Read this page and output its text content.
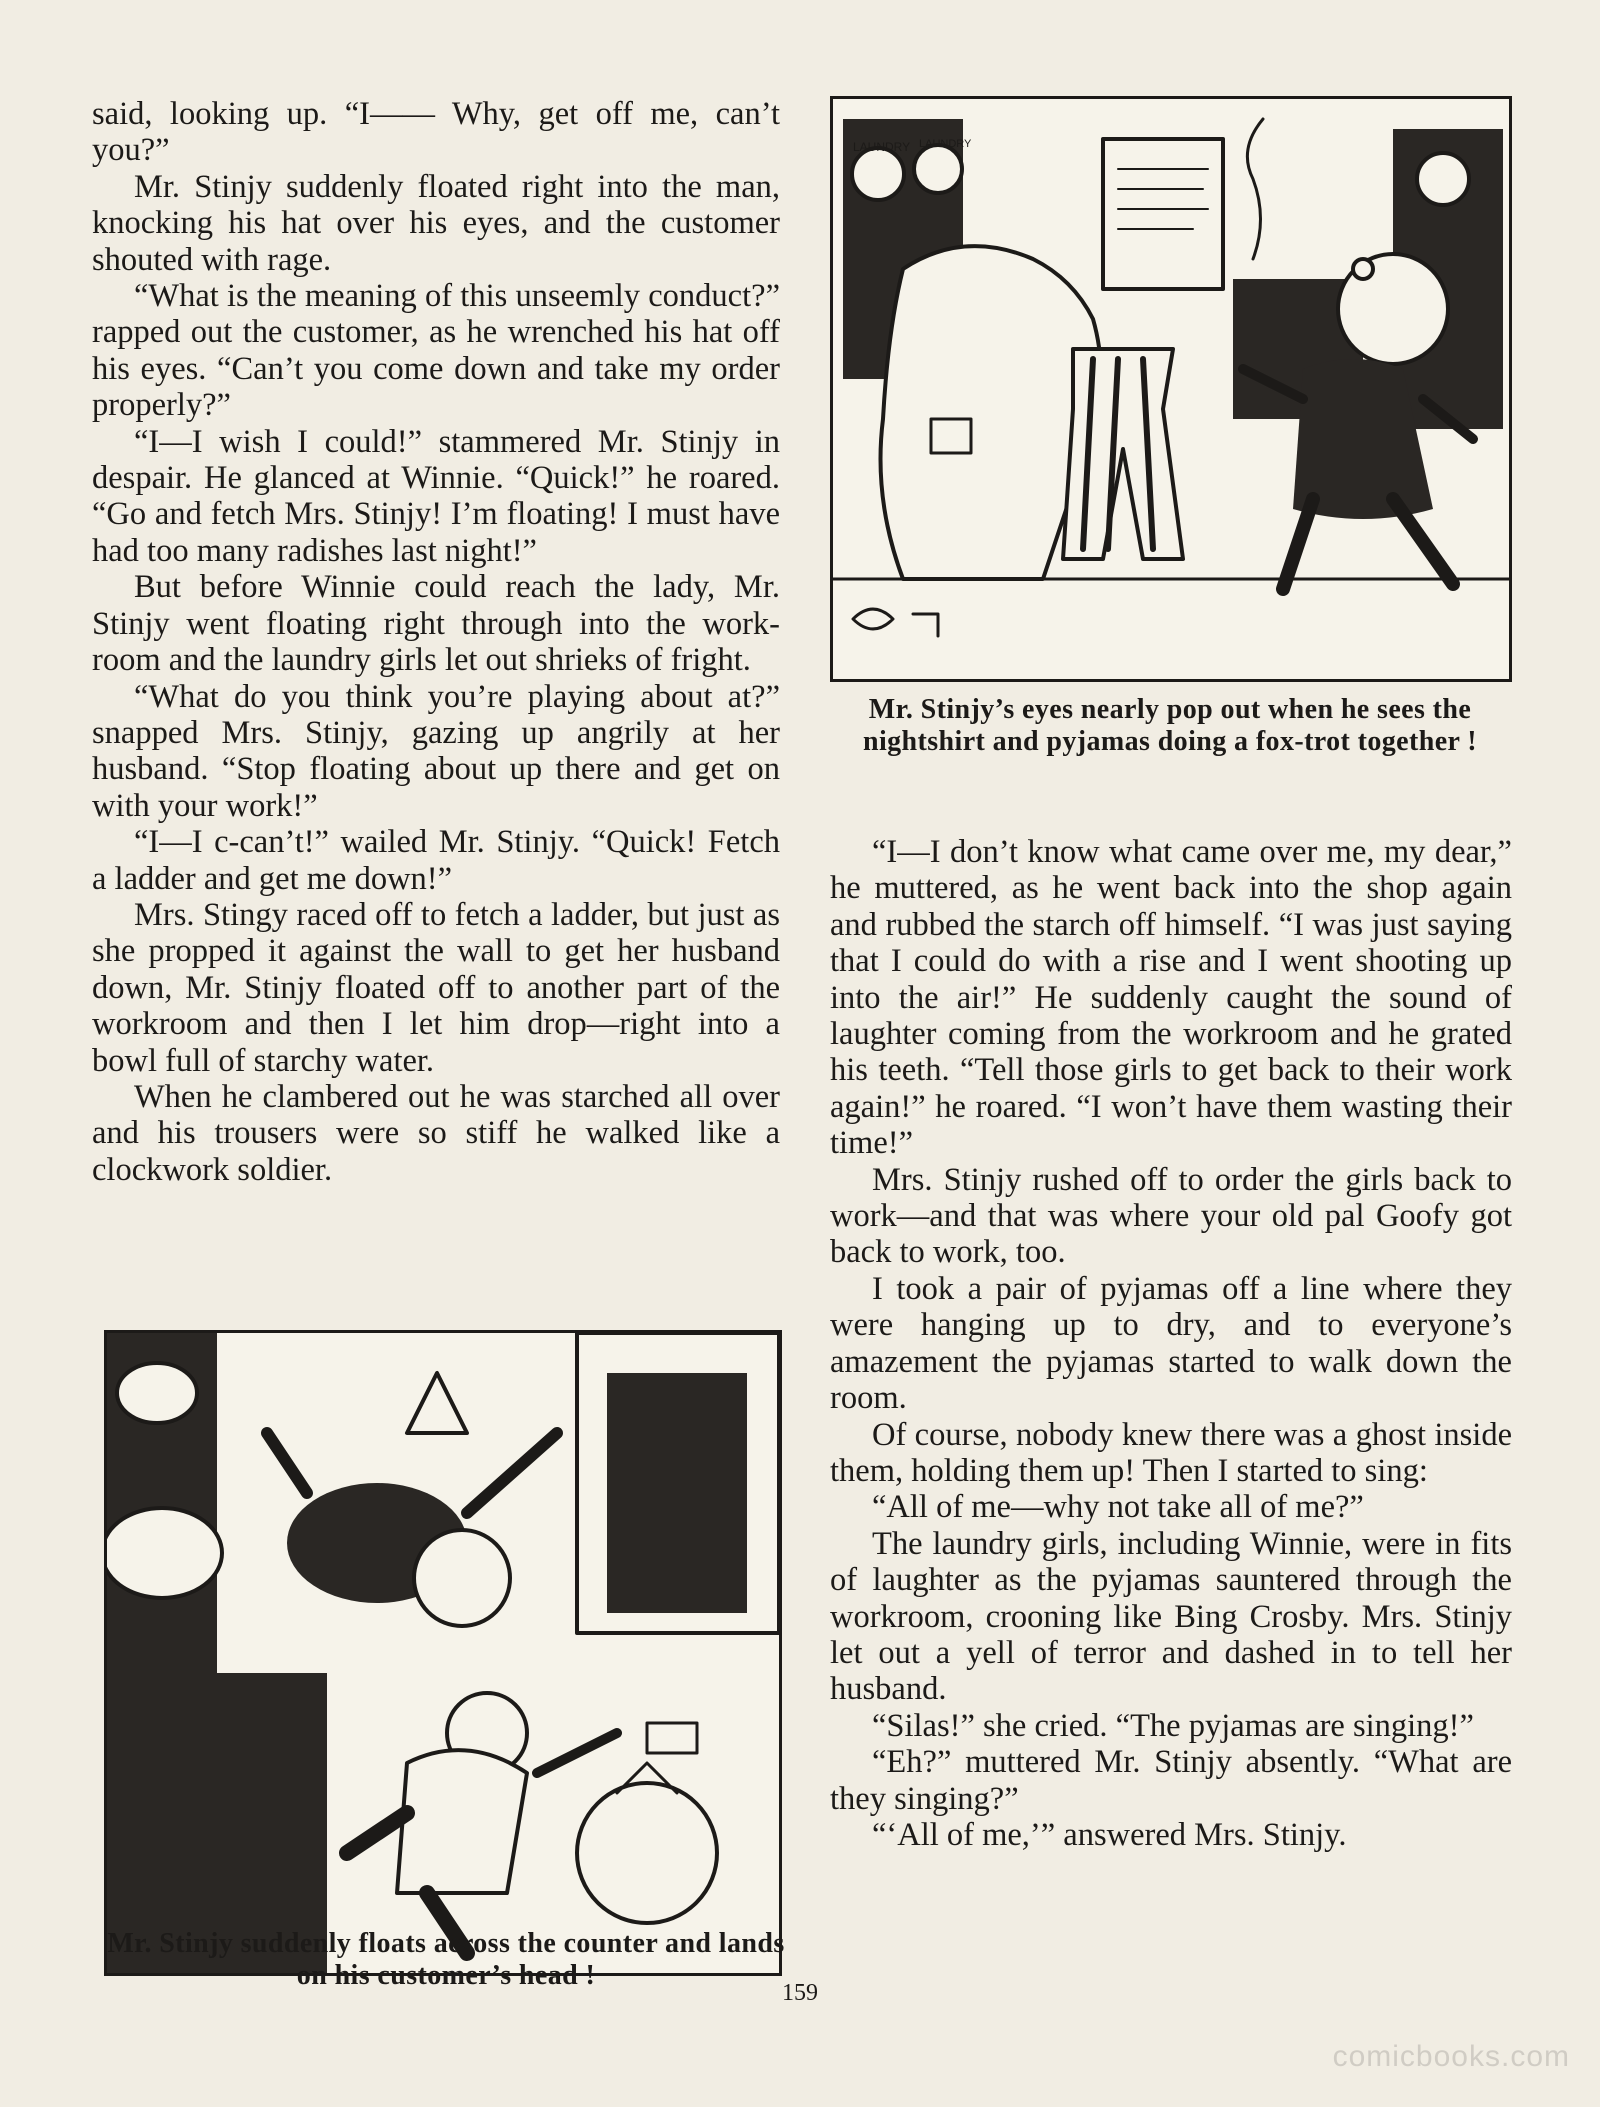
said, looking up. “I—— Why, get off me, can’t you?”

Mr. Stinjy suddenly floated right into the man, knocking his hat over his eyes, and the customer shouted with rage.

“What is the meaning of this unseemly conduct?” rapped out the customer, as he wrenched his hat off his eyes. “Can’t you come down and take my order properly?”

“I—I wish I could!” stammered Mr. Stinjy in despair. He glanced at Winnie. “Quick!” he roared. “Go and fetch Mrs. Stinjy! I’m floating! I must have had too many radishes last night!”

But before Winnie could reach the lady, Mr. Stinjy went floating right through into the work-room and the laundry girls let out shrieks of fright.

“What do you think you’re playing about at?” snapped Mrs. Stinjy, gazing up angrily at her husband. “Stop floating about up there and get on with your work!”

“I—I c-can’t!” wailed Mr. Stinjy. “Quick! Fetch a ladder and get me down!”

Mrs. Stingy raced off to fetch a ladder, but just as she propped it against the wall to get her husband down, Mr. Stinjy floated off to another part of the workroom and then I let him drop—right into a bowl full of starchy water.

When he clambered out he was starched all over and his trousers were so stiff he walked like a clockwork soldier.

LAUNDRY LAUNDRY
Mr. Stinjy’s eyes nearly pop out when he sees the nightshirt and pyjamas doing a fox-trot together !

“I—I don’t know what came over me, my dear,” he muttered, as he went back into the shop again and rubbed the starch off himself. “I was just saying that I could do with a rise and I went shooting up into the air!” He suddenly caught the sound of laughter coming from the workroom and he grated his teeth. “Tell those girls to get back to their work again!” he roared. “I won’t have them wasting their time!”

Mrs. Stinjy rushed off to order the girls back to work—and that was where your old pal Goofy got back to work, too.

I took a pair of pyjamas off a line where they were hanging up to dry, and to everyone’s amazement the pyjamas started to walk down the room.

Of course, nobody knew there was a ghost inside them, holding them up! Then I started to sing:

“All of me—why not take all of me?”

The laundry girls, including Winnie, were in fits of laughter as the pyjamas sauntered through the workroom, crooning like Bing Crosby. Mrs. Stinjy let out a yell of terror and dashed in to tell her husband.

“Silas!” she cried. “The pyjamas are singing!”

“Eh?” muttered Mr. Stinjy absently. “What are they singing?”

“‘All of me,’” answered Mrs. Stinjy.

Mr. Stinjy suddenly floats across the counter and lands on his customer’s head !
159
comicbooks.com
